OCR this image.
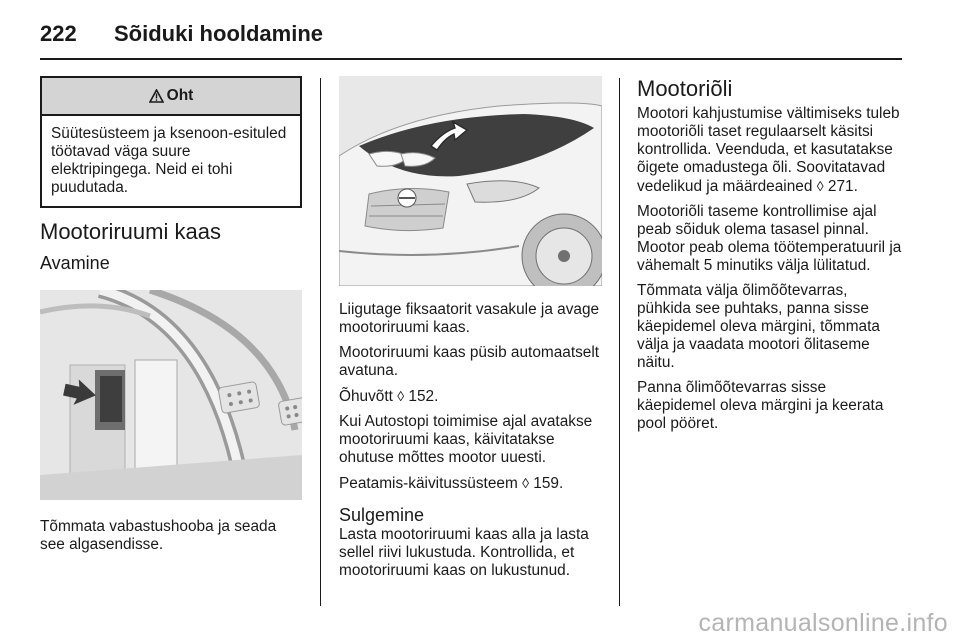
222	Sõiduki hooldamine
Oht
Süütesüsteem ja ksenoon-esituled töötavad väga suure elektripingega. Neid ei tohi puudutada.
Mootoriruumi kaas
Avamine

Tõmmata vabastushooba ja seada see algasendisse.

Liigutage fiksaatorit vasakule ja avage mootoriruumi kaas.

Mootoriruumi kaas püsib automaatselt avatuna.

Õhuvõtt ◊ 152.

Kui Autostopi toimimise ajal avatakse mootoriruumi kaas, käivitatakse ohutuse mõttes mootor uuesti.

Peatamis-käivitussüsteem ◊ 159.

Sulgemine

Lasta mootoriruumi kaas alla ja lasta sellel riivi lukustuda. Kontrollida, et mootoriruumi kaas on lukustunud.

Mootoriõli

Mootori kahjustumise vältimiseks tuleb mootoriõli taset regulaarselt käsitsi kontrollida. Veenduda, et kasutatakse õigete omadustega õli. Soovitatavad vedelikud ja määrdeained ◊ 271.

Mootoriõli taseme kontrollimise ajal peab sõiduk olema tasasel pinnal. Mootor peab olema töötemperatuuril ja vähemalt 5 minutiks välja lülitatud.

Tõmmata välja õlimõõtevarras, pühkida see puhtaks, panna sisse käepidemel oleva märgini, tõmmata välja ja vaadata mootori õlitaseme näitu.

Panna õlimõõtevarras sisse käepidemel oleva märgini ja keerata pool pööret.

carmanualsonline.info
